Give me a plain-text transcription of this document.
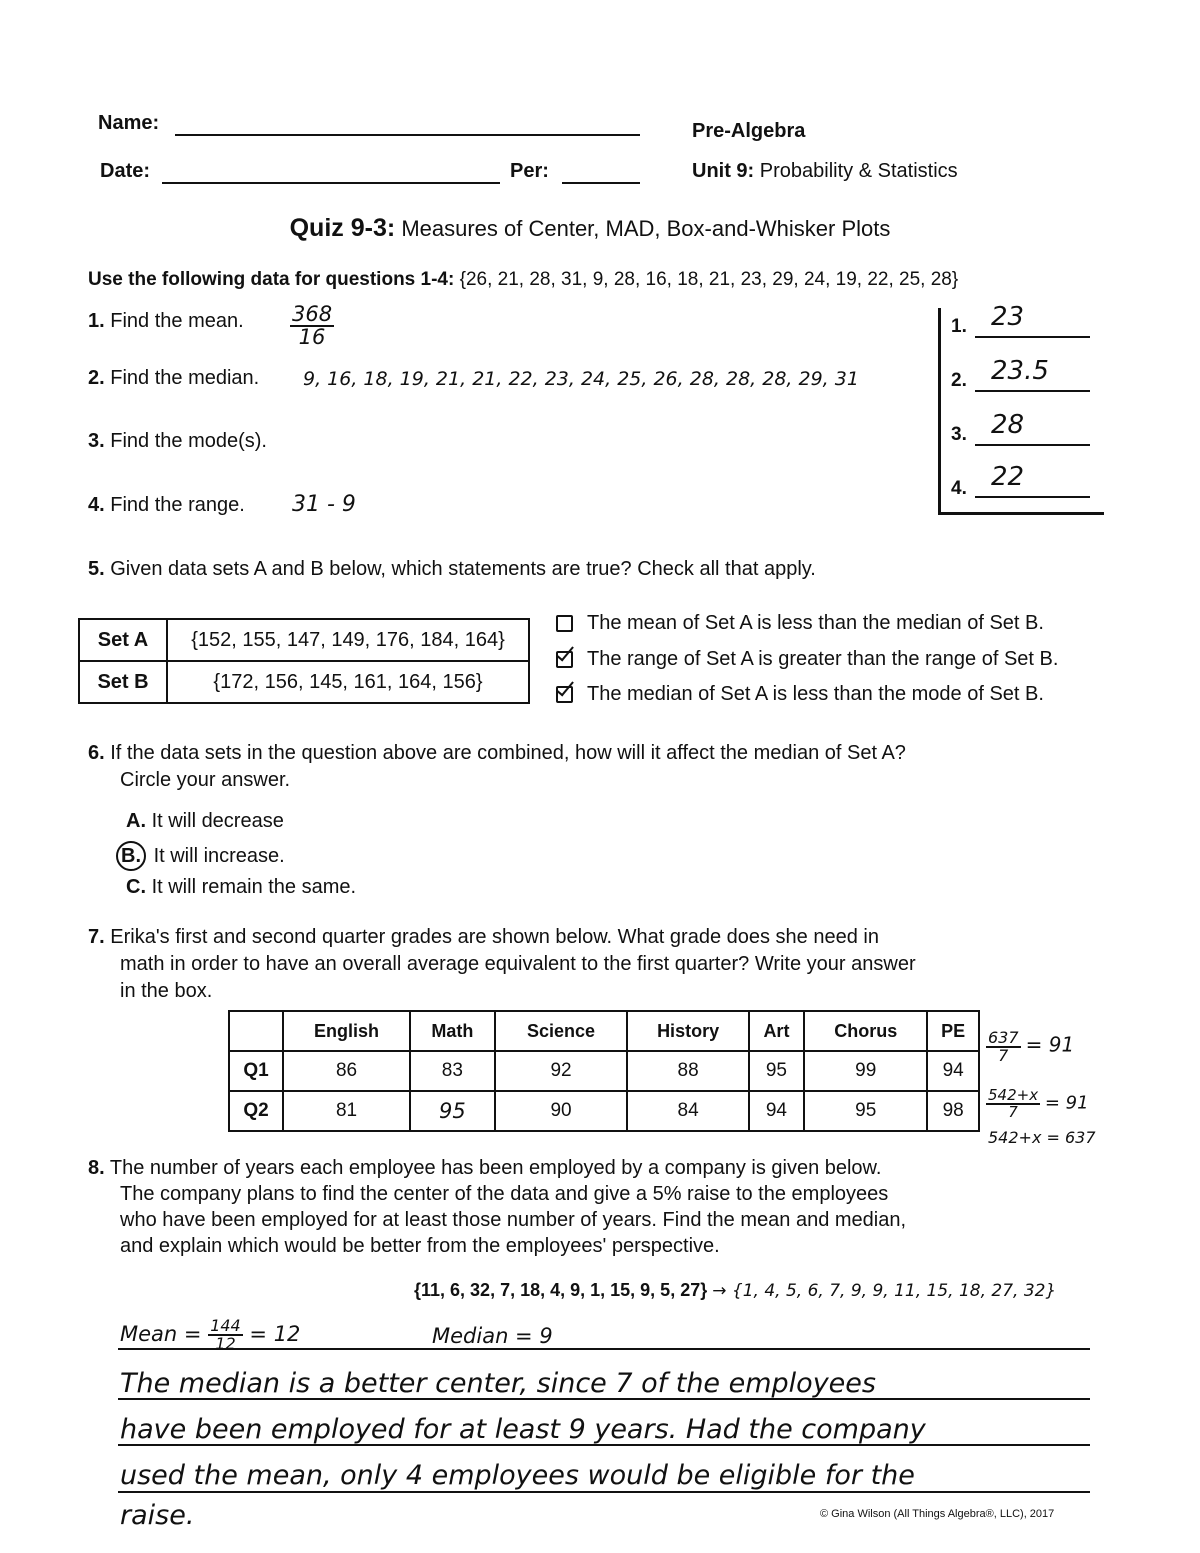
Name:	Pre-Algebra
Date:	Per:	Unit 9: Probability & Statistics
Quiz 9-3: Measures of Center, MAD, Box-and-Whisker Plots
Use the following data for questions 1-4: {26, 21, 28, 31, 9, 28, 16, 18, 21, 23, 29, 24, 19, 22, 25, 28}
1. Find the mean. $\frac{368}{16}$
2. Find the median. 9, 16, 18, 19, 21, 21, 22, 23, 24, 25, 26, 28, 28, 28, 29, 31
3. Find the mode(s).
4. Find the range. 31 - 9
1. 23
2. 23.5
3. 28
4. 22
5. Given data sets A and B below, which statements are true? Check all that apply.
Set A	{152, 155, 147, 149, 176, 184, 164}
Set B	{172, 156, 145, 161, 164, 156}
The mean of Set A is less than the median of Set B.
The range of Set A is greater than the range of Set B.
The median of Set A is less than the mode of Set B.
6. If the data sets in the question above are combined, how will it affect the median of Set A?
Circle your answer.
A. It will decrease
B. It will increase.
C. It will remain the same.
7. Erika's first and second quarter grades are shown below. What grade does she need in
math in order to have an overall average equivalent to the first quarter? Write your answer
in the box.
	English	Math	Science	History	Art	Chorus	PE
Q1	86	83	92	88	95	99	94
Q2	81	95	90	84	94	95	98
$\frac{637}{7} = 91$
$\frac{542+x}{7} = 91$
542+x = 637
8. The number of years each employee has been employed by a company is given below.
The company plans to find the center of the data and give a 5% raise to the employees
who have been employed for at least those number of years. Find the mean and median,
and explain which would be better from the employees' perspective.
{11, 6, 32, 7, 18, 4, 9, 1, 15, 9, 5, 27} → {1, 4, 5, 6, 7, 9, 9, 11, 15, 18, 27, 32}
Mean = $\frac{144}{12} = 12$	Median = 9
The median is a better center, since 7 of the employees
have been employed for at least 9 years. Had the company
used the mean, only 4 employees would be eligible for the
raise.	© Gina Wilson (All Things Algebra®, LLC), 2017
